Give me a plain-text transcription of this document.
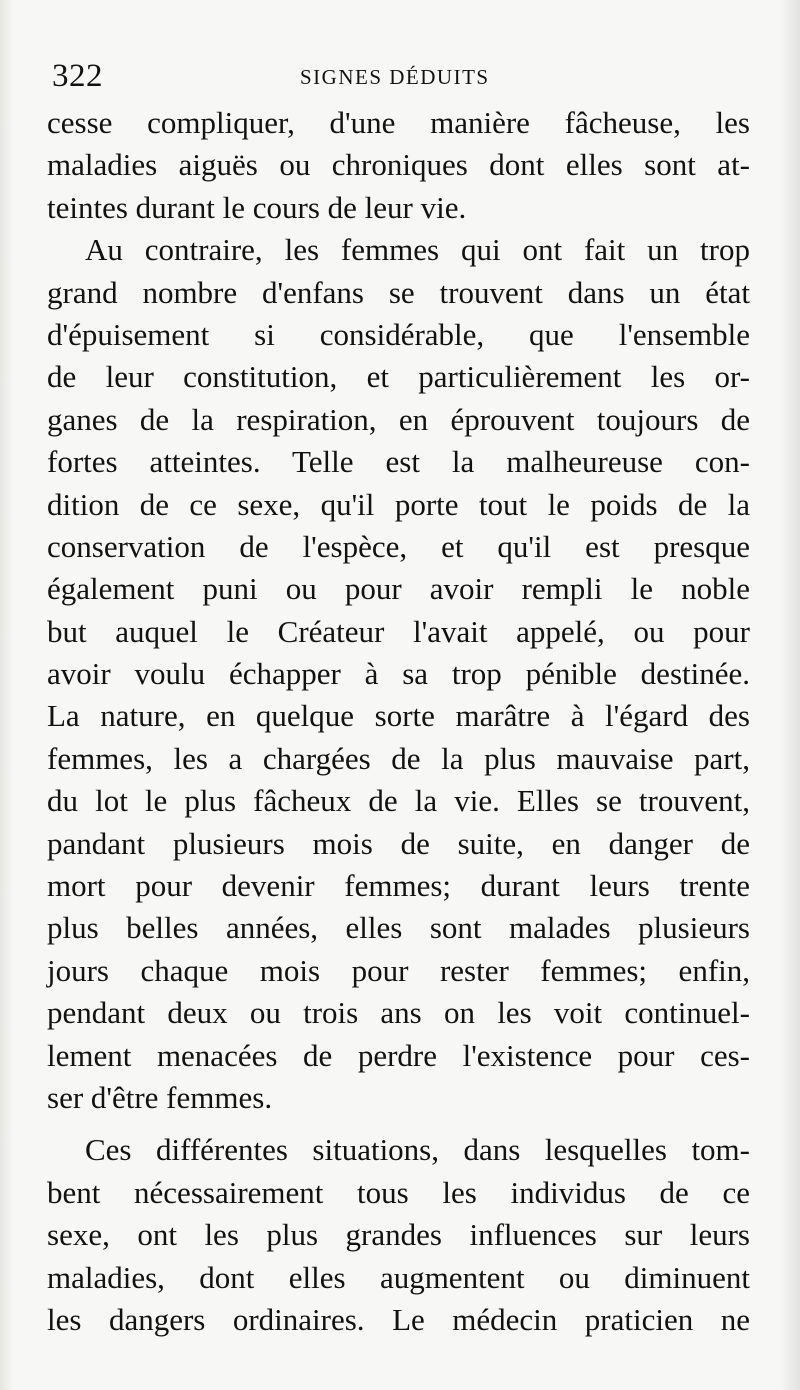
322	SIGNES DÉDUITS
cesse compliquer, d'une manière fâcheuse, les
maladies aiguës ou chroniques dont elles sont at-
teintes durant le cours de leur vie.
Au contraire, les femmes qui ont fait un trop
grand nombre d'enfans se trouvent dans un état
d'épuisement si considérable, que l'ensemble
de leur constitution, et particulièrement les or-
ganes de la respiration, en éprouvent toujours de
fortes atteintes. Telle est la malheureuse con-
dition de ce sexe, qu'il porte tout le poids de la
conservation de l'espèce, et qu'il est presque
également puni ou pour avoir rempli le noble
but auquel le Créateur l'avait appelé, ou pour
avoir voulu échapper à sa trop pénible destinée.
La nature, en quelque sorte marâtre à l'égard des
femmes, les a chargées de la plus mauvaise part,
du lot le plus fâcheux de la vie. Elles se trouvent,
pandant plusieurs mois de suite, en danger de
mort pour devenir femmes; durant leurs trente
plus belles années, elles sont malades plusieurs
jours chaque mois pour rester femmes; enfin,
pendant deux ou trois ans on les voit continuel-
lement menacées de perdre l'existence pour ces-
ser d'être femmes.
Ces différentes situations, dans lesquelles tom-
bent nécessairement tous les individus de ce
sexe, ont les plus grandes influences sur leurs
maladies, dont elles augmentent ou diminuent
les dangers ordinaires. Le médecin praticien ne
